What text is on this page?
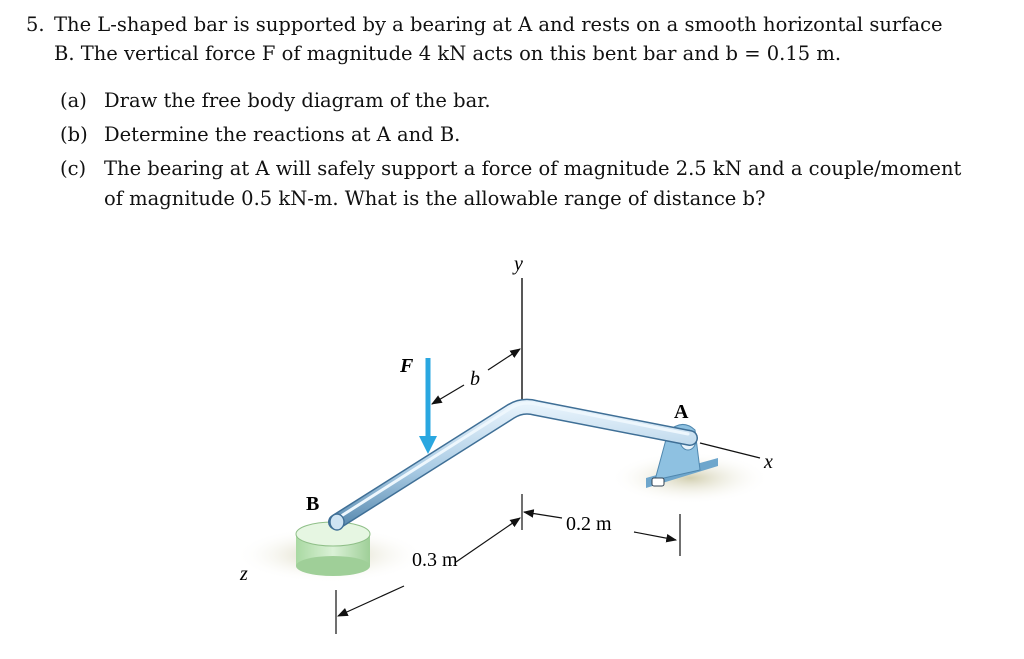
5. The L-shaped bar is supported by a bearing at A and rests on a smooth horizontal surface
B. The vertical force F of magnitude 4 kN acts on this bent bar and b = 0.15 m.
(a) Draw the free body diagram of the bar.
(b) Determine the reactions at A and B.
(c) The bearing at A will safely support a force of magnitude 2.5 kN and a couple/moment
of magnitude 0.5 kN-m. What is the allowable range of distance b?
y
x
z
F
b
A
B
0.3 m
0.2 m
